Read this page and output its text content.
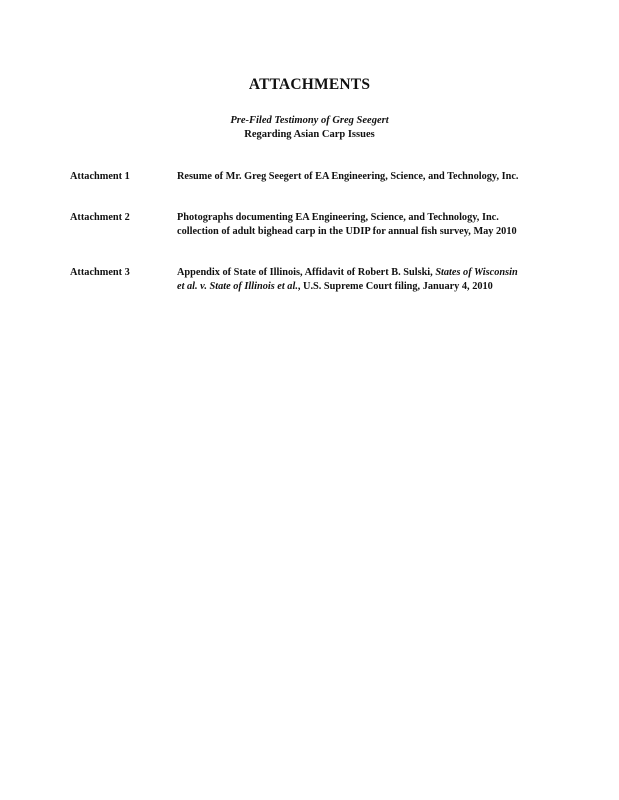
ATTACHMENTS
Pre-Filed Testimony of Greg Seegert
Regarding Asian Carp Issues
Attachment 1	Resume of Mr. Greg Seegert of EA Engineering, Science, and Technology, Inc.
Attachment 2	Photographs documenting EA Engineering, Science, and Technology, Inc. collection of adult bighead carp in the UDIP for annual fish survey, May 2010
Attachment 3	Appendix of State of Illinois, Affidavit of Robert B. Sulski, States of Wisconsin et al. v. State of Illinois et al., U.S. Supreme Court filing, January 4, 2010
